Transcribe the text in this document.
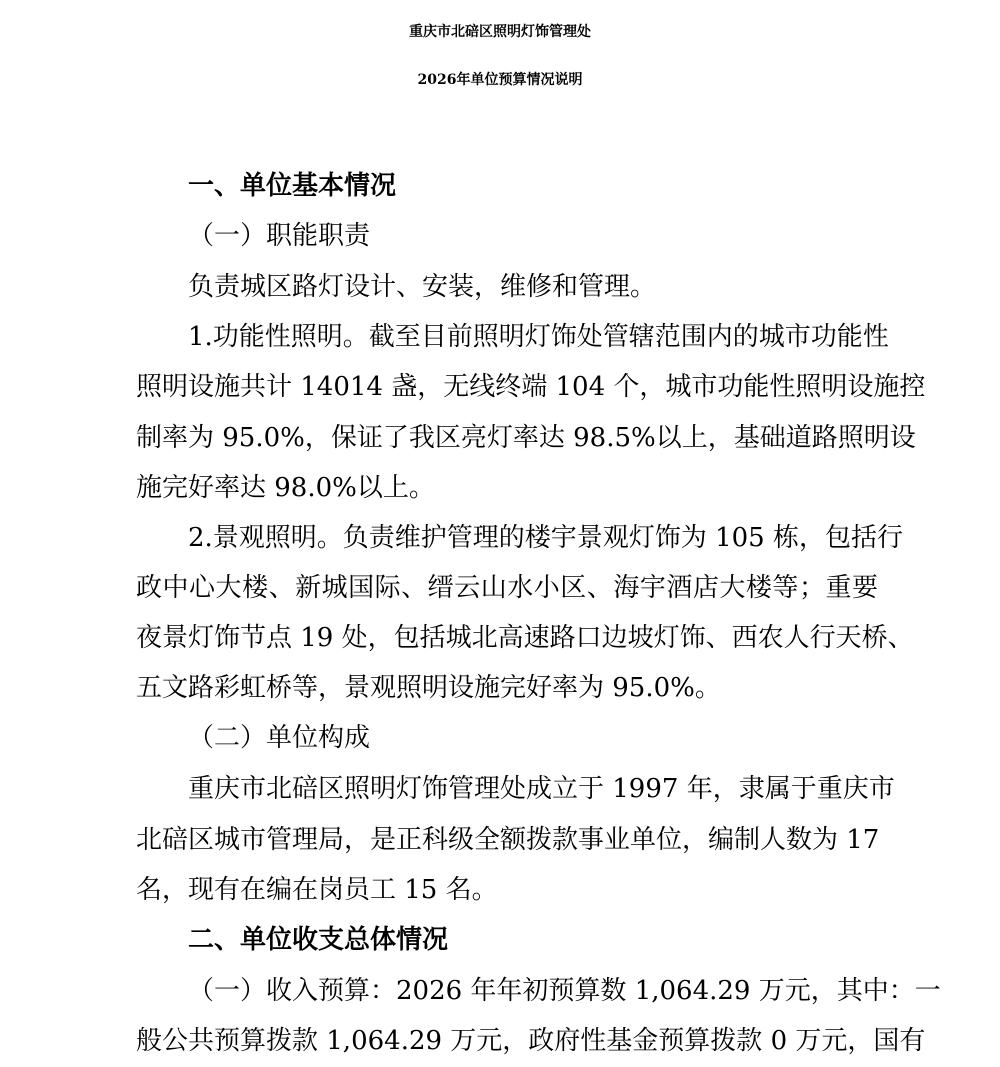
重庆市北碚区照明灯饰管理处
2026年单位预算情况说明
一、单位基本情况
（一）职能职责
负责城区路灯设计、安装，维修和管理。
1.功能性照明。截至目前照明灯饰处管辖范围内的城市功能性
照明设施共计 14014 盏，无线终端 104 个，城市功能性照明设施控
制率为 95.0%，保证了我区亮灯率达 98.5%以上，基础道路照明设
施完好率达 98.0%以上。
2.景观照明。负责维护管理的楼宇景观灯饰为 105 栋，包括行
政中心大楼、新城国际、缙云山水小区、海宇酒店大楼等；重要
夜景灯饰节点 19 处，包括城北高速路口边坡灯饰、西农人行天桥、
五文路彩虹桥等，景观照明设施完好率为 95.0%。
（二）单位构成
重庆市北碚区照明灯饰管理处成立于 1997 年，隶属于重庆市
北碚区城市管理局，是正科级全额拨款事业单位，编制人数为 17
名，现有在编在岗员工 15 名。
二、单位收支总体情况
（一）收入预算：2026 年年初预算数 1,064.29 万元，其中：一
般公共预算拨款 1,064.29 万元，政府性基金预算拨款 0 万元，国有
